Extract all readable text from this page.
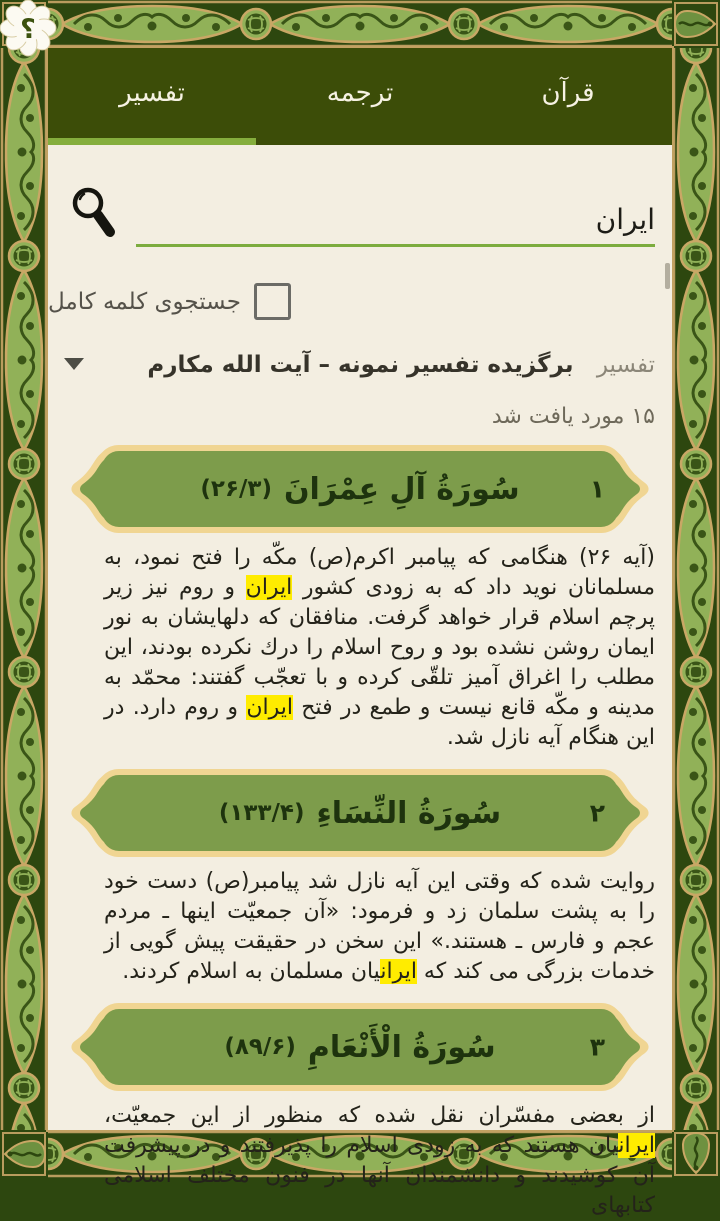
؟
قرآن
ترجمه
تفسیر
ایران
جستجوی کلمه کامل
تفسیر برگزیده تفسیر نمونه – آیت الله مکارم
۱۵ مورد یافت شد
۱
سُورَةُ آلِ عِمْرَانَ
(۲۶/۳)

(آیه ۲۶) هنگامی که پیامبر اکرم(ص) مکّه را فتح نمود، به مسلمانان نوید داد که به زودی کشور ایران و روم نیز زیر پرچم اسلام قرار خواهد گرفت. منافقان که دلهایشان به نور ایمان روشن نشده بود و روح اسلام را درك نکرده بودند، این مطلب را اغراق آمیز تلقّی کرده و با تعجّب گفتند: محمّد به مدینه و مکّه قانع نیست و طمع در فتح ایران و روم دارد. در این هنگام آیه نازل شد.

۲
سُورَةُ النِّسَاءِ
(۱۳۳/۴)

روایت شده که وقتی این آیه نازل شد پیامبر(ص) دست خود را به پشت سلمان زد و فرمود: «آن جمعیّت اینها ـ مردم عجم و فارس ـ هستند.» این سخن در حقیقت پیش گویی از خدمات بزرگی می کند که ایرانیان مسلمان به اسلام کردند.

۳
سُورَةُ الْأَنْعَامِ
(۸۹/۶)

از بعضی مفسّران نقل شده که منظور از این جمعیّت، ایرانیان هستند که به زودی اسلام را پذیرفتند و در پیشرفت آن کوشیدند و دانشمندان آنها در فنون مختلف اسلامی کتابهای
